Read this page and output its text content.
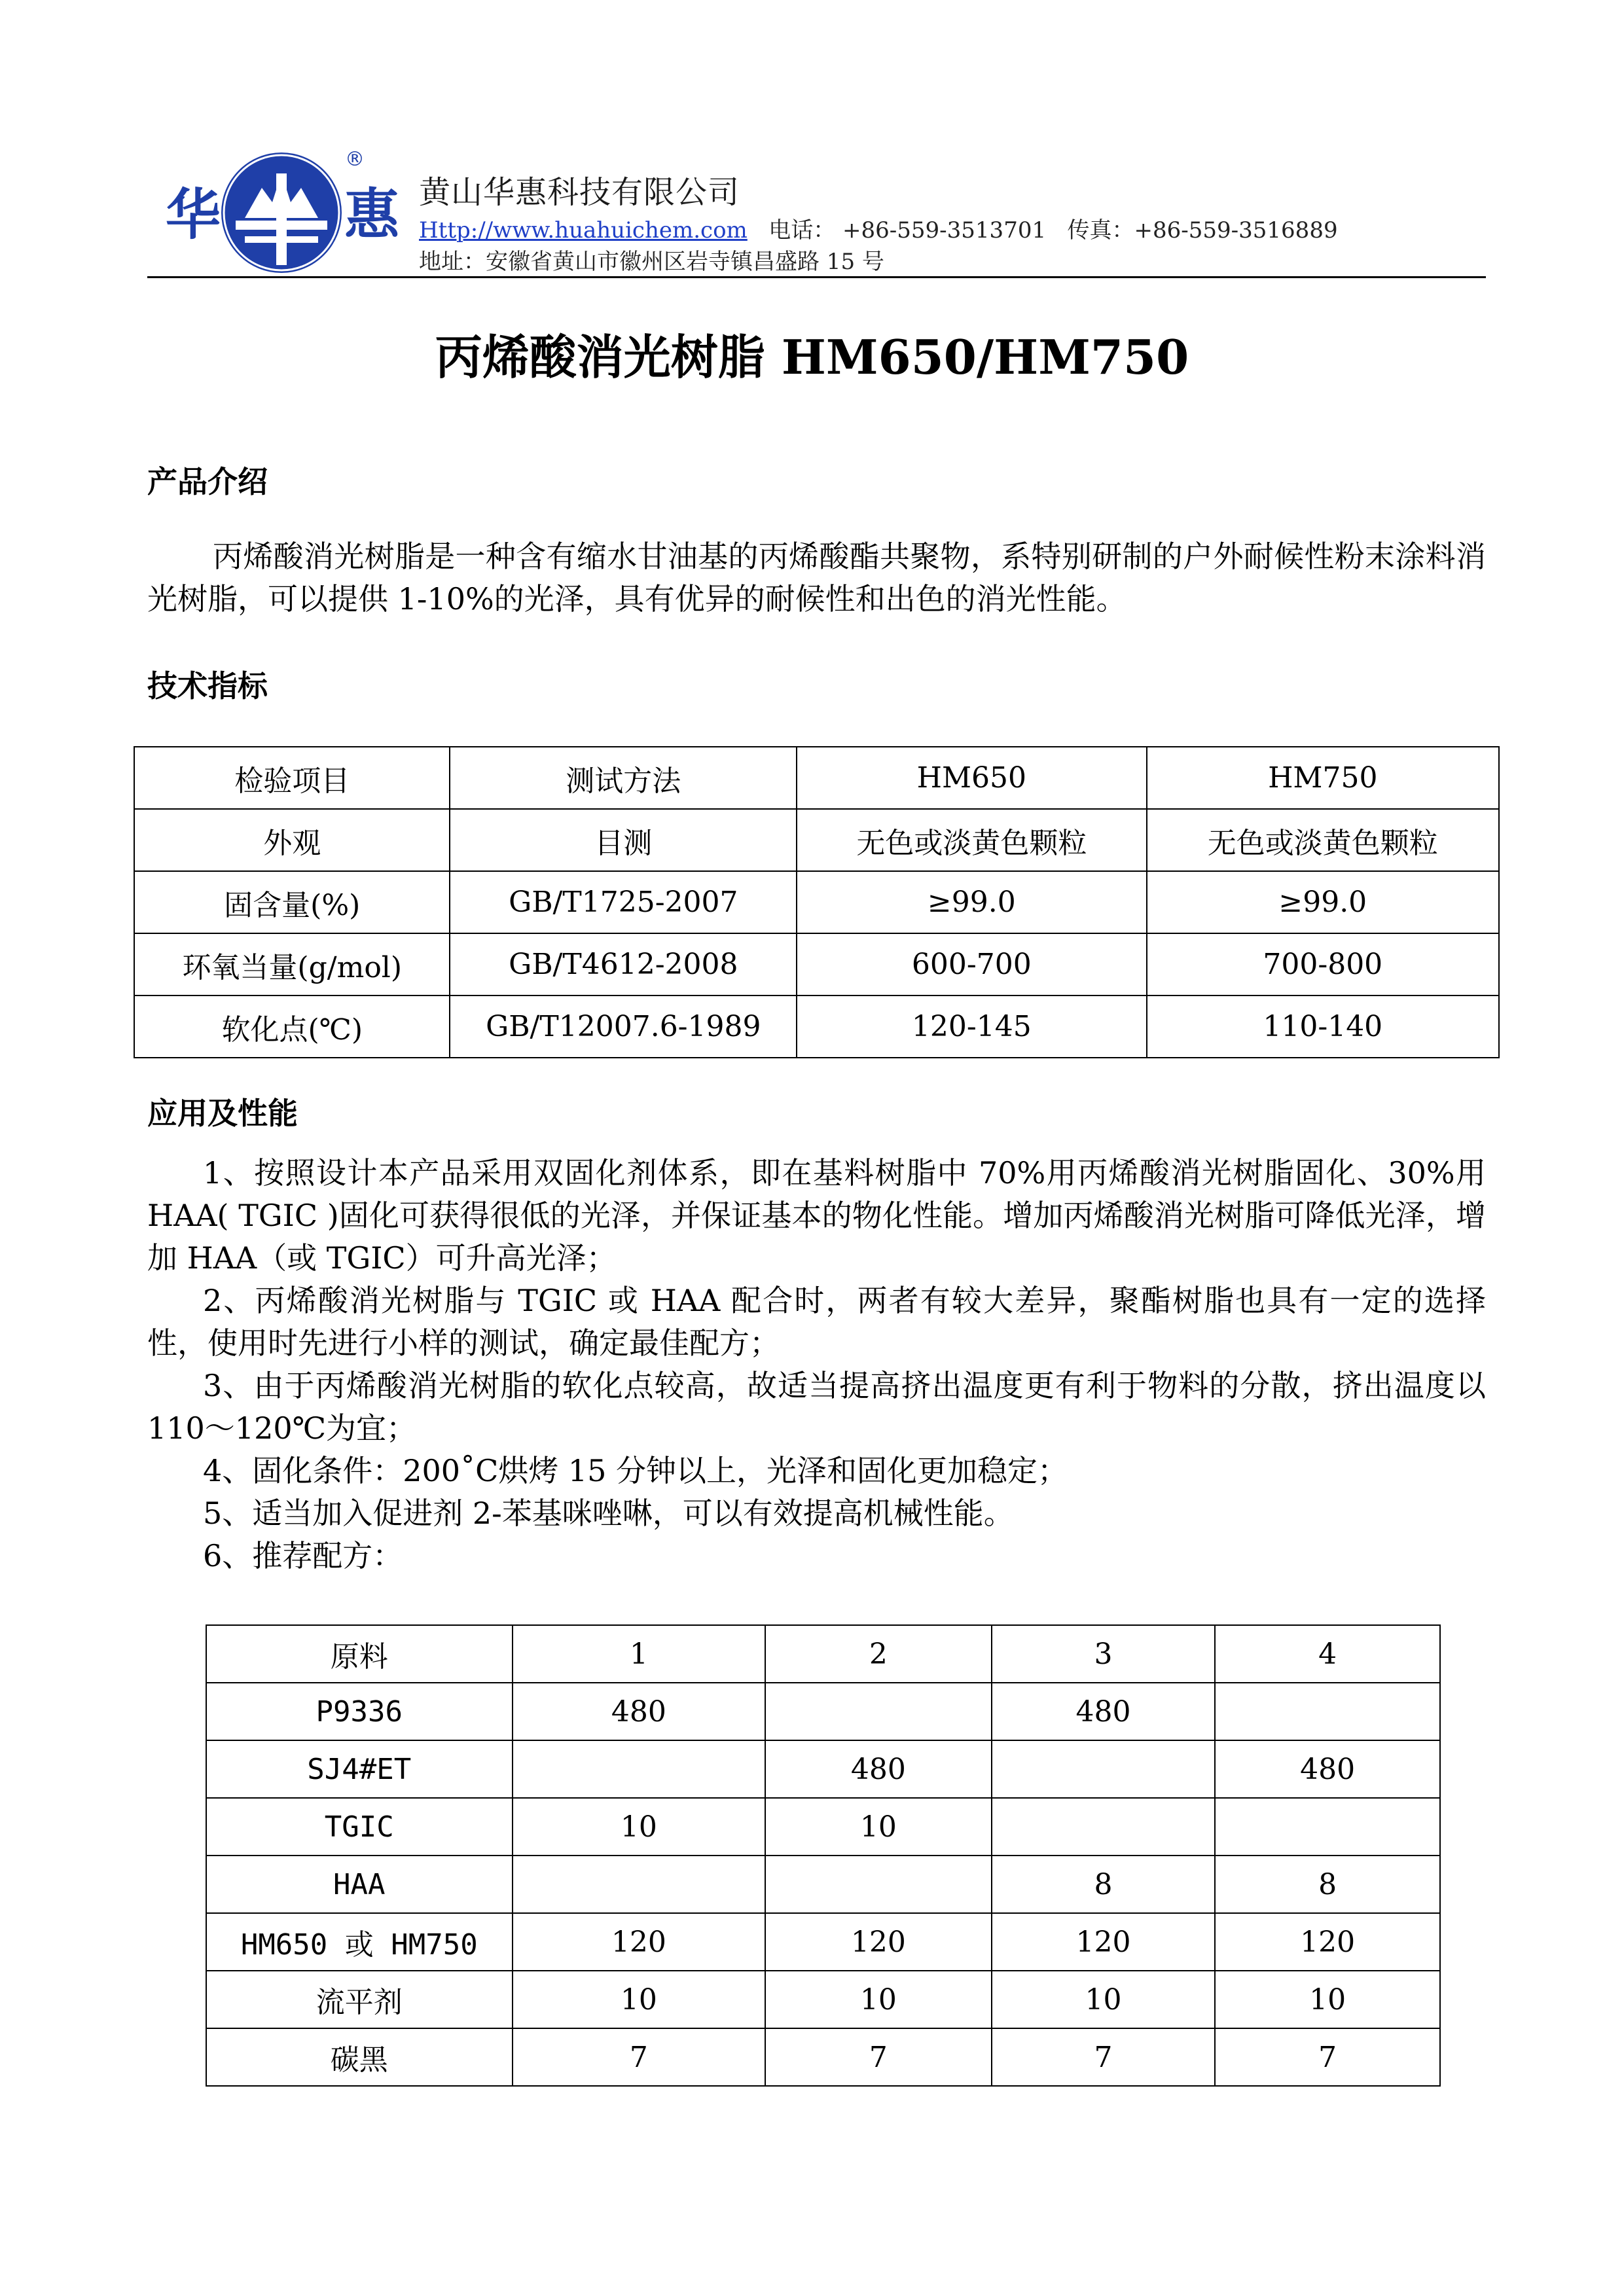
华 惠
®
黄山华惠科技有限公司
Http://www.huahuichem.com 电话： +86-559-3513701 传真：+86-559-3516889
地址：安徽省黄山市徽州区岩寺镇昌盛路 15 号
丙烯酸消光树脂 HM650/HM750
产品介绍
丙烯酸消光树脂是一种含有缩水甘油基的丙烯酸酯共聚物，系特别研制的户外耐候性粉末涂料消光树脂，可以提供 1-10%的光泽，具有优异的耐候性和出色的消光性能。
技术指标
检验项目	测试方法	HM650	HM750
外观	目测	无色或淡黄色颗粒	无色或淡黄色颗粒
固含量(%)	GB/T1725-2007	≥99.0	≥99.0
环氧当量(g/mol)	GB/T4612-2008	600-700	700-800
软化点(℃)	GB/T12007.6-1989	120-145	110-140
应用及性能
1、按照设计本产品采用双固化剂体系，即在基料树脂中 70%用丙烯酸消光树脂固化、30%用 HAA( TGIC )固化可获得很低的光泽，并保证基本的物化性能。增加丙烯酸消光树脂可降低光泽，增加 HAA（或 TGIC）可升高光泽；
2、丙烯酸消光树脂与 TGIC 或 HAA 配合时，两者有较大差异，聚酯树脂也具有一定的选择性，使用时先进行小样的测试，确定最佳配方；
3、由于丙烯酸消光树脂的软化点较高，故适当提高挤出温度更有利于物料的分散，挤出温度以 110～120℃为宜；
4、固化条件：200˚C烘烤 15 分钟以上，光泽和固化更加稳定；
5、适当加入促进剂 2-苯基咪唑啉，可以有效提高机械性能。
6、推荐配方：
原料	1	2	3	4
P9336	480		480	
SJ4#ET		480		480
TGIC	10	10		
HAA			8	8
HM650 或 HM750	120	120	120	120
流平剂	10	10	10	10
碳黑	7	7	7	7
